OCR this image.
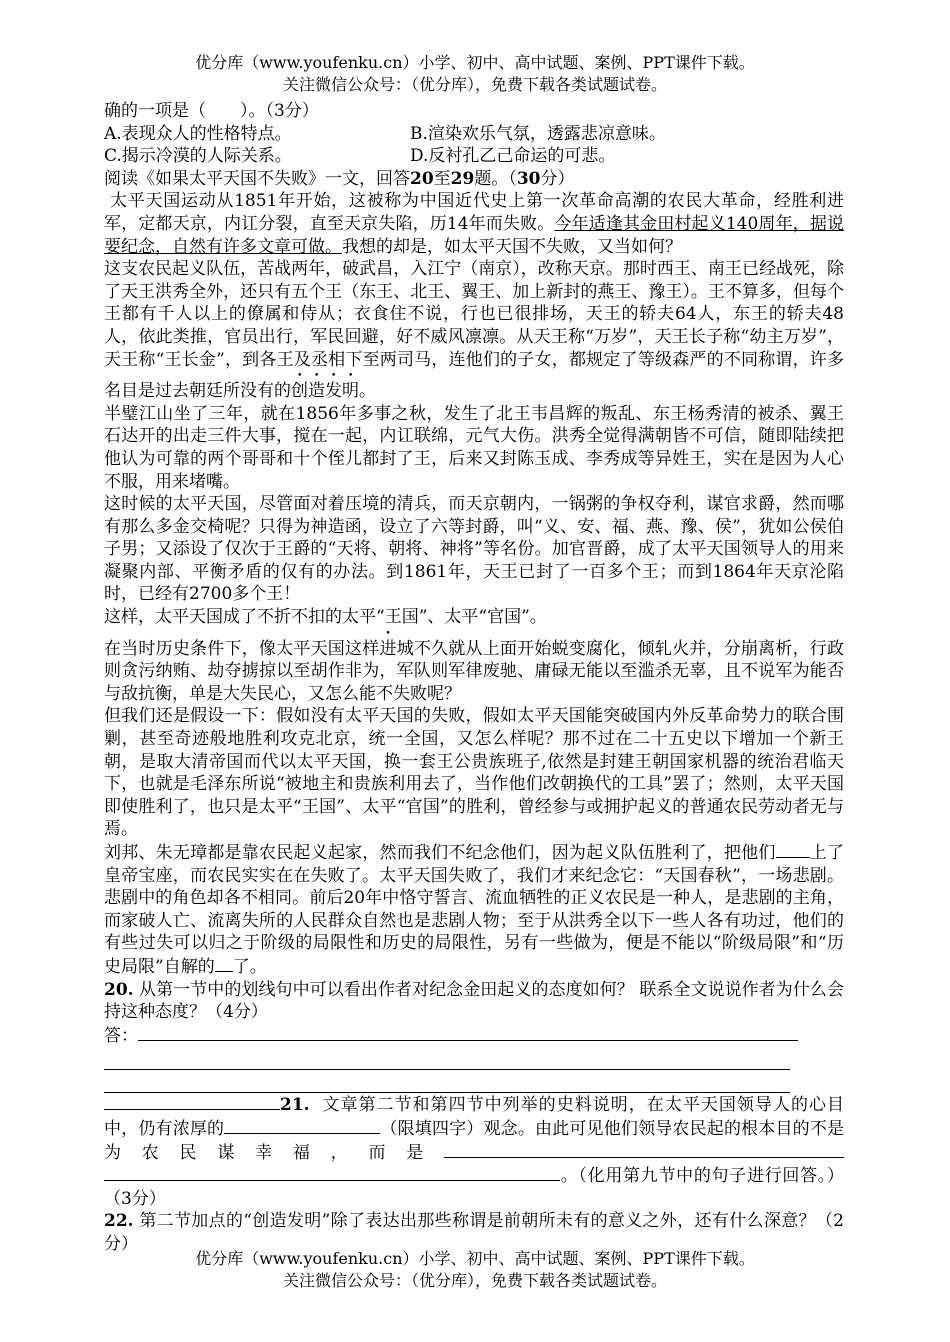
优分库（www.youfenku.cn）小学、初中、高中试题、案例、PPT课件下载。
关注微信公众号：（优分库），免费下载各类试题试卷。

确的一项是（　　）。（3分）

A.表现众人的性格特点。	B.渲染欢乐气氛，透露悲凉意味。

C.揭示冷漠的人际关系。	D.反衬孔乙己命运的可悲。

阅读《如果太平天国不失败》一文，回答20至29题。（30分）

太平天国运动从1851年开始，这被称为中国近代史上第一次革命高潮的农民大革命，经胜利进军，定都天京，内讧分裂，直至天京失陷，历14年而失败。今年适逢其金田村起义140周年，据说要纪念，自然有许多文章可做。我想的却是，如太平天国不失败，又当如何？

这支农民起义队伍，苦战两年，破武昌，入江宁（南京），改称天京。那时西王、南王已经战死，除了天王洪秀全外，还只有五个王（东王、北王、翼王、加上新封的燕王、豫王）。王不算多，但每个王都有千人以上的僚属和侍从；衣食住不说，行也已很排场，天王的轿夫64人，东王的轿夫48人，依此类推，官员出行，军民回避，好不威风凛凛。从天王称“万岁”，天王长子称“幼主万岁”，天王称“王长金”，到各王及丞相下至两司马，连他们的子女，都规定了等级森严的不同称谓，许多名目是过去朝廷所没有的创造发明。

半璧江山坐了三年，就在1856年多事之秋，发生了北王韦昌辉的叛乱、东王杨秀清的被杀、翼王石达开的出走三件大事，搅在一起，内讧联绵，元气大伤。洪秀全觉得满朝皆不可信，随即陆续把他认为可靠的两个哥哥和十个侄儿都封了王，后来又封陈玉成、李秀成等异姓王，实在是因为人心不服，用来堵嘴。

这时候的太平天国，尽管面对着压境的清兵，而天京朝内，一锅粥的争权夺利，谋官求爵，然而哪有那么多金交椅呢？只得为神造函，设立了六等封爵，叫“义、安、福、燕、豫、侯”，犹如公侯伯子男；又添设了仅次于王爵的“天将、朝将、神将”等名份。加官晋爵，成了太平天国领导人的用来凝聚内部、平衡矛盾的仅有的办法。到1861年，天王已封了一百多个王；而到1864年天京沦陷时，已经有2700多个王！

这样，太平天国成了不折不扣的太平“王国”、太平“官国”。

在当时历史条件下，像太平天国这样进城不久就从上面开始蜕变腐化，倾轧火并，分崩离析，行政则贪污纳贿、劫夺掳掠以至胡作非为，军队则军律废驰、庸碌无能以至滥杀无辜，且不说军为能否与敌抗衡，单是大失民心，又怎么能不失败呢？

但我们还是假设一下：假如没有太平天国的失败，假如太平天国能突破国内外反革命势力的联合围剿，甚至奇迹般地胜利攻克北京，统一全国，又怎么样呢？那不过在二十五史以下增加一个新王朝，是取大清帝国而代以太平天国，换一套王公贵族班子,依然是封建王朝国家机器的统治君临天下，也就是毛泽东所说“被地主和贵族利用去了，当作他们改朝换代的工具”罢了；然则，太平天国即使胜利了，也只是太平“王国”、太平“官国”的胜利，曾经参与或拥护起义的普通农民劳动者无与焉。

刘邦、朱无璋都是靠农民起义起家，然而我们不纪念他们，因为起义队伍胜利了，把他们 上了皇帝宝座，而农民实实在在失败了。太平天国失败了，我们才来纪念它：“天国春秋”，一场悲剧。悲剧中的角色却各不相同。前后20年中恪守誓言、流血牺牲的正义农民是一种人，是悲剧的主角，而家破人亡、流离失所的人民群众自然也是悲剧人物；至于从洪秀全以下一些人各有功过，他们的有些过失可以归之于阶级的局限性和历史的局限性，另有一些做为，便是不能以“阶级局限”和“历史局限”自解的 了。

20. 从第一节中的划线句中可以看出作者对纪念金田起义的态度如何？ 联系全文说说作者为什么会持这种态度？（4分）

答：

21. 文章第二节和第四节中列举的史料说明，在太平天国领导人的心目中，仍有浓厚的	（限填四字）观念。由此可见他们领导农民起的根本目的不是为农民谋幸福，而是。（化用第九节中的句子进行回答。）（3分）

22. 第二节加点的“创造发明”除了表达出那些称谓是前朝所未有的意义之外，还有什么深意？（2分）

优分库（www.youfenku.cn）小学、初中、高中试题、案例、PPT课件下载。
关注微信公众号：（优分库），免费下载各类试题试卷。
